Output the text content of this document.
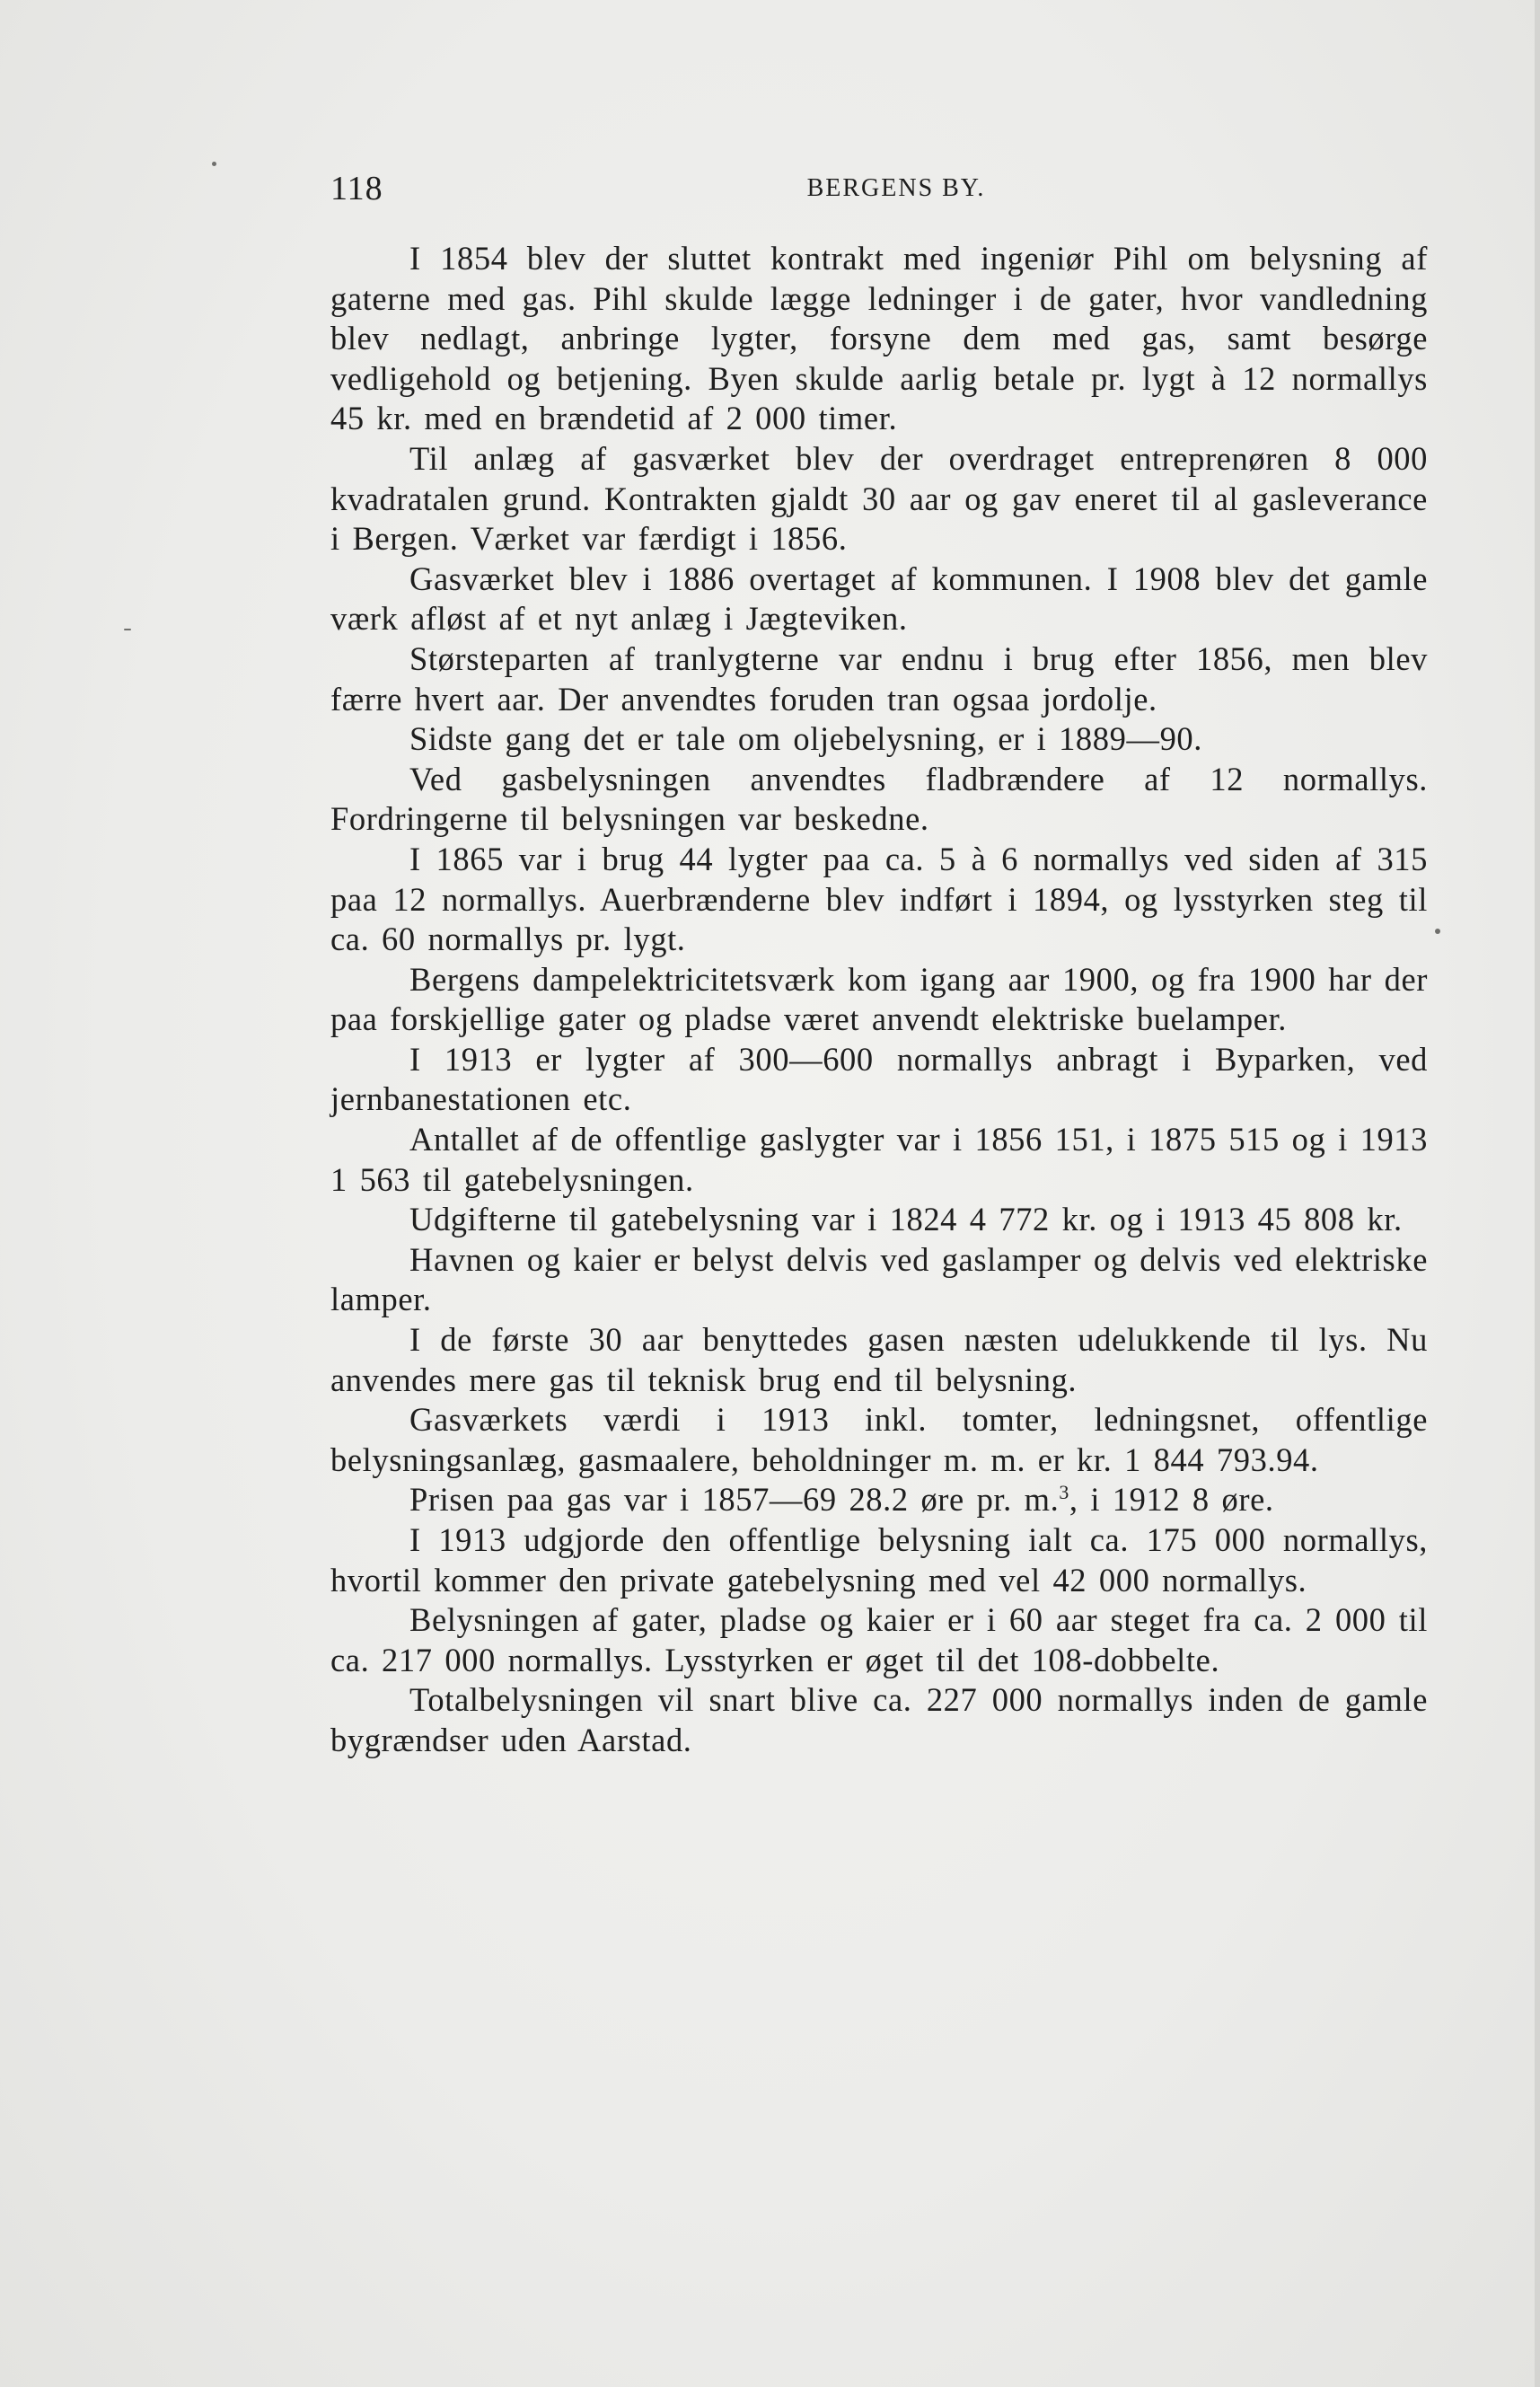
118	BERGENS BY.

I 1854 blev der sluttet kontrakt med ingeniør Pihl om belysning af gaterne med gas. Pihl skulde lægge ledninger i de gater, hvor vandledning blev nedlagt, anbringe lygter, forsyne dem med gas, samt besørge vedligehold og betjening. Byen skulde aarlig betale pr. lygt à 12 normallys 45 kr. med en brændetid af 2 000 timer.

Til anlæg af gasværket blev der overdraget entreprenøren 8 000 kvadratalen grund. Kontrakten gjaldt 30 aar og gav eneret til al gasleverance i Bergen. Værket var færdigt i 1856.

Gasværket blev i 1886 overtaget af kommunen. I 1908 blev det gamle værk afløst af et nyt anlæg i Jægteviken.

Størsteparten af tranlygterne var endnu i brug efter 1856, men blev færre hvert aar. Der anvendtes foruden tran ogsaa jordolje.

Sidste gang det er tale om oljebelysning, er i 1889—90.

Ved gasbelysningen anvendtes fladbrændere af 12 normallys. Fordringerne til belysningen var beskedne.

I 1865 var i brug 44 lygter paa ca. 5 à 6 normallys ved siden af 315 paa 12 normallys. Auerbrænderne blev indført i 1894, og lysstyrken steg til ca. 60 normallys pr. lygt.

Bergens dampelektricitetsværk kom igang aar 1900, og fra 1900 har der paa forskjellige gater og pladse været anvendt elektriske buelamper.

I 1913 er lygter af 300—600 normallys anbragt i Byparken, ved jernbanestationen etc.

Antallet af de offentlige gaslygter var i 1856 151, i 1875 515 og i 1913 1 563 til gatebelysningen.

Udgifterne til gatebelysning var i 1824 4 772 kr. og i 1913 45 808 kr.

Havnen og kaier er belyst delvis ved gaslamper og delvis ved elektriske lamper.

I de første 30 aar benyttedes gasen næsten udelukkende til lys. Nu anvendes mere gas til teknisk brug end til belysning.

Gasværkets værdi i 1913 inkl. tomter, ledningsnet, offentlige belysningsanlæg, gasmaalere, beholdninger m. m. er kr. 1 844 793.94.

Prisen paa gas var i 1857—69 28.2 øre pr. m.$^3$, i 1912 8 øre.

I 1913 udgjorde den offentlige belysning ialt ca. 175 000 normallys, hvortil kommer den private gatebelysning med vel 42 000 normallys.

Belysningen af gater, pladse og kaier er i 60 aar steget fra ca. 2 000 til ca. 217 000 normallys. Lysstyrken er øget til det 108-dobbelte.

Totalbelysningen vil snart blive ca. 227 000 normallys inden de gamle bygrændser uden Aarstad.
